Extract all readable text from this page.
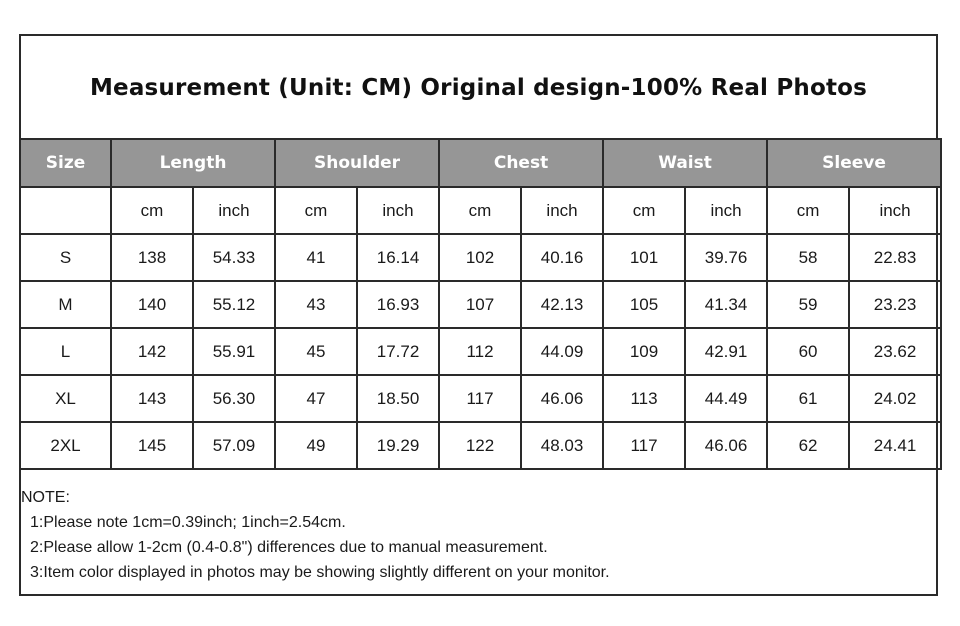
Measurement (Unit: CM) Original design-100% Real Photos
Size	Length		Shoulder		Chest		Waist		Sleeve	
	cm	inch	cm	inch	cm	inch	cm	inch	cm	inch
S	138	54.33	41	16.14	102	40.16	101	39.76	58	22.83
M	140	55.12	43	16.93	107	42.13	105	41.34	59	23.23
L	142	55.91	45	17.72	112	44.09	109	42.91	60	23.62
XL	143	56.30	47	18.50	117	46.06	113	44.49	61	24.02
2XL	145	57.09	49	19.29	122	48.03	117	46.06	62	24.41
NOTE:
1:Please note 1cm=0.39inch; 1inch=2.54cm.
2:Please allow 1-2cm (0.4-0.8") differences due to manual measurement.
3:Item color displayed in photos may be showing slightly different on your monitor.
